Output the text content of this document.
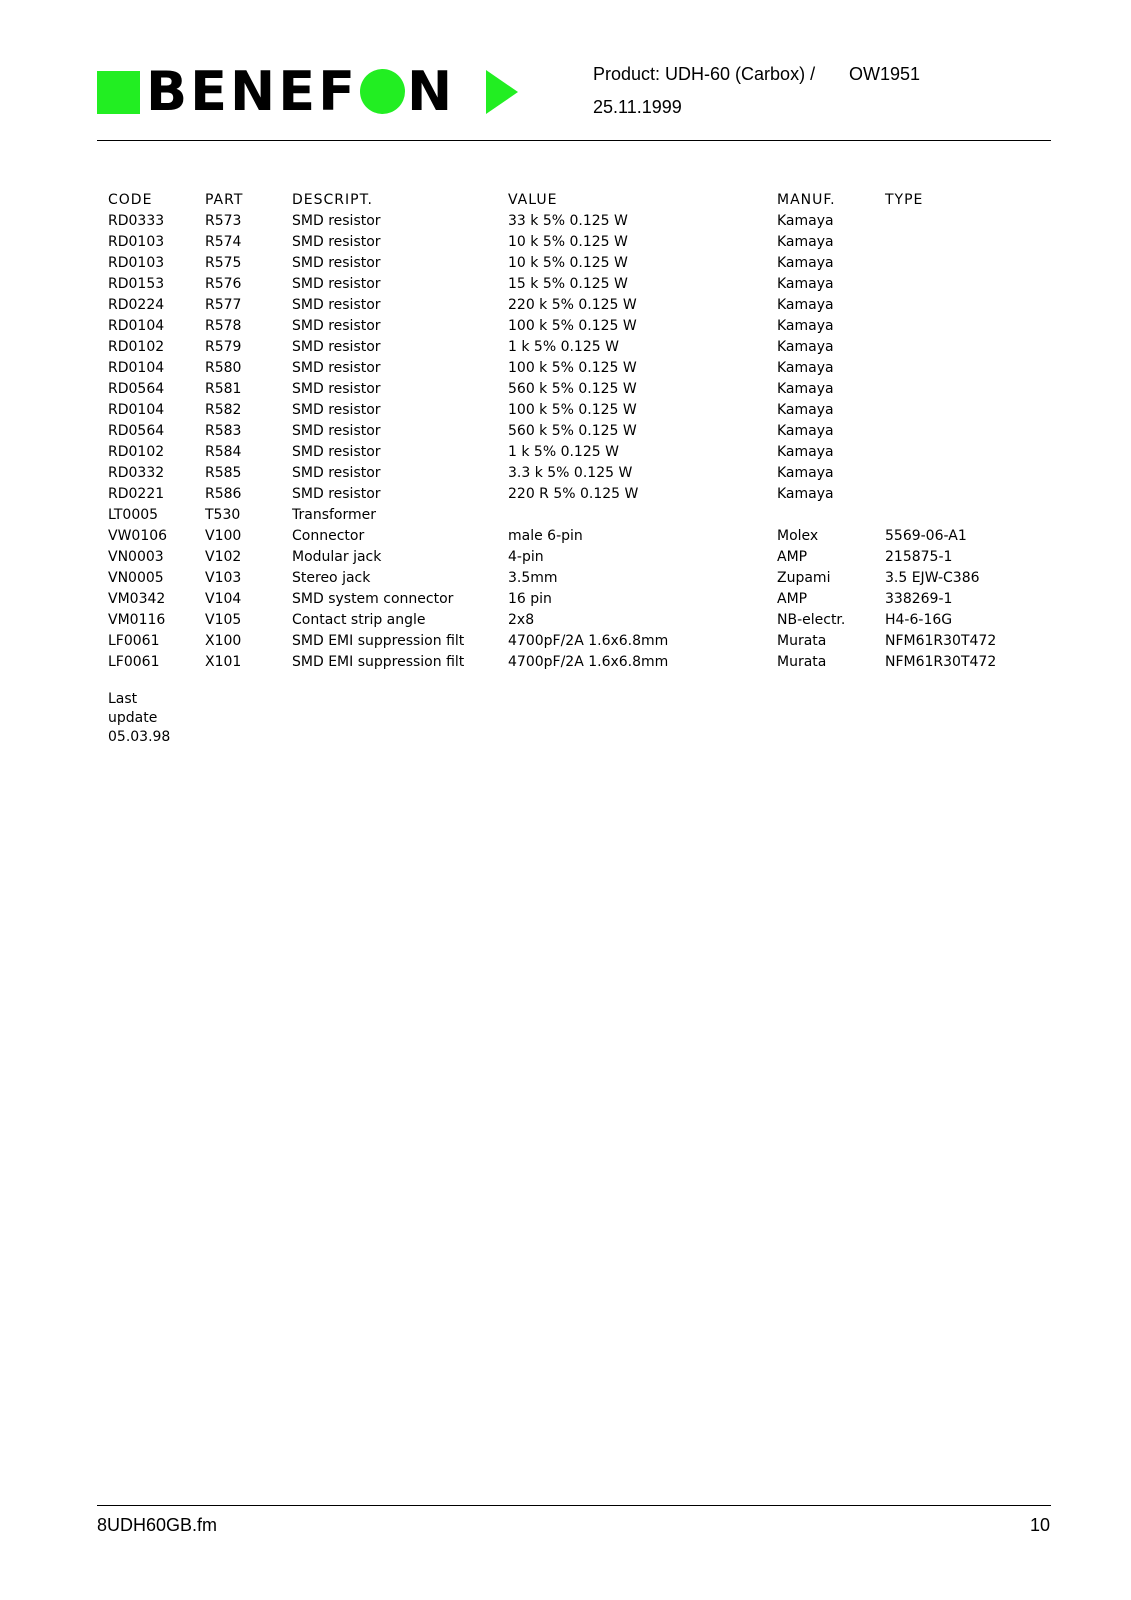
BENEF N	Product: UDH-60 (Carbox) / OW1951
25.11.1999
CODE	PART	DESCRIPT.	VALUE	MANUF.	TYPE
RD0333	R573	SMD resistor	33 k 5% 0.125 W	Kamaya	
RD0103	R574	SMD resistor	10 k 5% 0.125 W	Kamaya	
RD0103	R575	SMD resistor	10 k 5% 0.125 W	Kamaya	
RD0153	R576	SMD resistor	15 k 5% 0.125 W	Kamaya	
RD0224	R577	SMD resistor	220 k 5% 0.125 W	Kamaya	
RD0104	R578	SMD resistor	100 k 5% 0.125 W	Kamaya	
RD0102	R579	SMD resistor	1 k 5% 0.125 W	Kamaya	
RD0104	R580	SMD resistor	100 k 5% 0.125 W	Kamaya	
RD0564	R581	SMD resistor	560 k 5% 0.125 W	Kamaya	
RD0104	R582	SMD resistor	100 k 5% 0.125 W	Kamaya	
RD0564	R583	SMD resistor	560 k 5% 0.125 W	Kamaya	
RD0102	R584	SMD resistor	1 k 5% 0.125 W	Kamaya	
RD0332	R585	SMD resistor	3.3 k 5% 0.125 W	Kamaya	
RD0221	R586	SMD resistor	220 R 5% 0.125 W	Kamaya	
LT0005	T530	Transformer			
VW0106	V100	Connector	male 6-pin	Molex	5569-06-A1
VN0003	V102	Modular jack	4-pin	AMP	215875-1
VN0005	V103	Stereo jack	3.5mm	Zupami	3.5 EJW-C386
VM0342	V104	SMD system connector	16 pin	AMP	338269-1
VM0116	V105	Contact strip angle	2x8	NB-electr.	H4-6-16G
LF0061	X100	SMD EMI suppression filt	4700pF/2A 1.6x6.8mm	Murata	NFM61R30T472
LF0061	X101	SMD EMI suppression filt	4700pF/2A 1.6x6.8mm	Murata	NFM61R30T472
Last
update
05.03.98
8UDH60GB.fm	10
